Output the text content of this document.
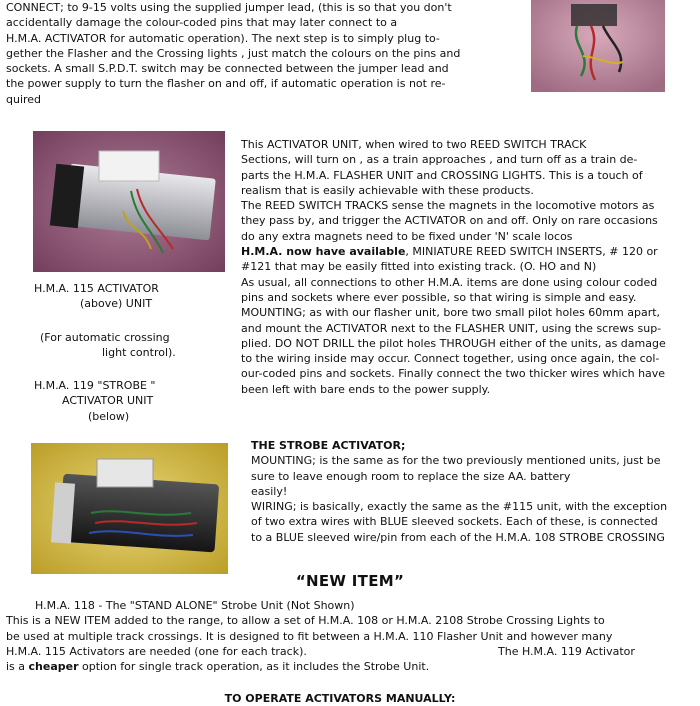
CONNECT; to 9-15 volts using the supplied jumper lead, (this is so that you don't

accidentally damage the colour-coded pins that may later connect to a

H.M.A. ACTIVATOR for automatic operation). The next step is to simply plug to-

gether the Flasher and the Crossing lights , just match the colours on the pins and

sockets. A small S.P.D.T. switch may be connected between the jumper lead and

the power supply to turn the flasher on and off, if automatic operation is not re-

quired

H.M.A. 115 ACTIVATOR

(above) UNIT

(For automatic crossing

light control).

H.M.A. 119 "STROBE "

ACTIVATOR UNIT

(below)

This ACTIVATOR UNIT, when wired to two REED SWITCH TRACK

Sections, will turn on , as a train approaches , and turn off as a train de-

parts the H.M.A. FLASHER UNIT and CROSSING LIGHTS. This is a touch of

realism that is easily achievable with these products.

The REED SWITCH TRACKS sense the magnets in the locomotive motors as

they pass by, and trigger the ACTIVATOR on and off. Only on rare occasions

do any extra magnets need to be fixed under 'N' scale locos

H.M.A. now have available, MINIATURE REED SWITCH INSERTS, # 120 or

#121 that may be easily fitted into existing track. (O. HO and N)

As usual, all connections to other H.M.A. items are done using colour coded

pins and sockets where ever possible, so that wiring is simple and easy.

MOUNTING; as with our flasher unit, bore two small pilot holes 60mm apart,

and mount the ACTIVATOR next to the FLASHER UNIT, using the screws sup-

plied. DO NOT DRILL the pilot holes THROUGH either of the units, as damage

to the wiring inside may occur. Connect together, using once again, the col-

our-coded pins and sockets. Finally connect the two thicker wires which have

been left with bare ends to the power supply.

THE STROBE ACTIVATOR;

MOUNTING; is the same as for the two previously mentioned units, just be

sure to leave enough room to replace the size AA. battery

easily!

WIRING; is basically, exactly the same as the #115 unit, with the exception

of two extra wires with BLUE sleeved sockets. Each of these, is connected

to a BLUE sleeved wire/pin from each of the H.M.A. 108 STROBE CROSSING

“NEW ITEM”

H.M.A. 118 - The "STAND ALONE" Strobe Unit (Not Shown)

This is a NEW ITEM added to the range, to allow a set of H.M.A. 108 or H.M.A. 2108 Strobe Crossing Lights to

be used at multiple track crossings. It is designed to fit between a H.M.A. 110 Flasher Unit and however many

H.M.A. 115 Activators are needed (one for each track).	The H.M.A. 119 Activator

is a cheaper option for single track operation, as it includes the Strobe Unit.

TO OPERATE ACTIVATORS MANUALLY:
